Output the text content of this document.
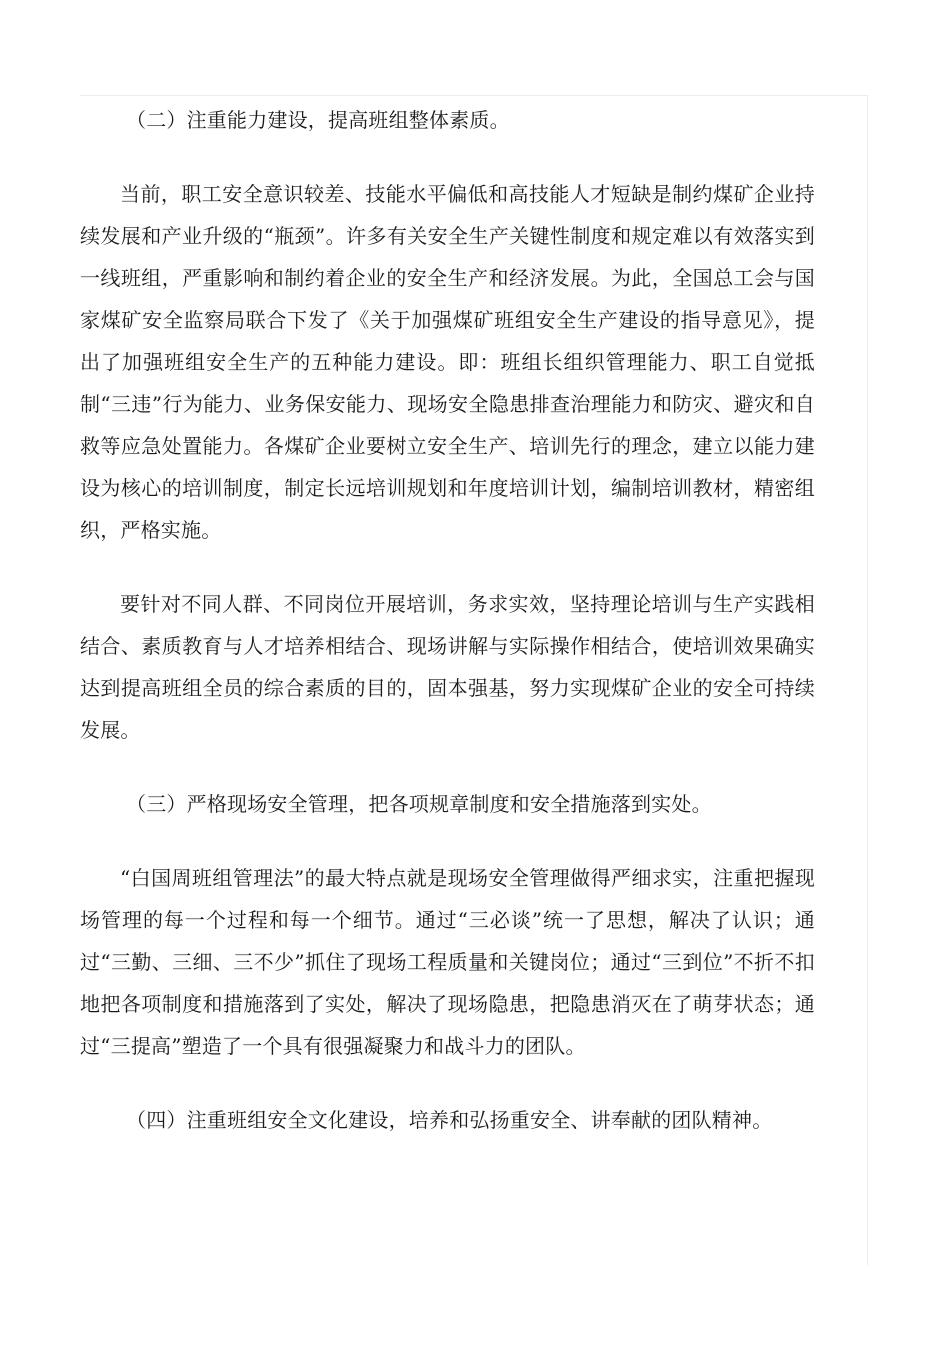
（二）注重能力建设，提高班组整体素质。

当前，职工安全意识较差、技能水平偏低和高技能人才短缺是制约煤矿企业持续发展和产业升级的“瓶颈”。许多有关安全生产关键性制度和规定难以有效落实到一线班组，严重影响和制约着企业的安全生产和经济发展。为此，全国总工会与国家煤矿安全监察局联合下发了《关于加强煤矿班组安全生产建设的指导意见》，提出了加强班组安全生产的五种能力建设。即：班组长组织管理能力、职工自觉抵制“三违”行为能力、业务保安能力、现场安全隐患排查治理能力和防灾、避灾和自救等应急处置能力。各煤矿企业要树立安全生产、培训先行的理念，建立以能力建设为核心的培训制度，制定长远培训规划和年度培训计划，编制培训教材，精密组织，严格实施。

要针对不同人群、不同岗位开展培训，务求实效，坚持理论培训与生产实践相结合、素质教育与人才培养相结合、现场讲解与实际操作相结合，使培训效果确实达到提高班组全员的综合素质的目的，固本强基，努力实现煤矿企业的安全可持续发展。

（三）严格现场安全管理，把各项规章制度和安全措施落到实处。

“白国周班组管理法”的最大特点就是现场安全管理做得严细求实，注重把握现场管理的每一个过程和每一个细节。通过“三必谈”统一了思想，解决了认识；通过“三勤、三细、三不少”抓住了现场工程质量和关键岗位；通过“三到位”不折不扣地把各项制度和措施落到了实处，解决了现场隐患，把隐患消灭在了萌芽状态；通过“三提高”塑造了一个具有很强凝聚力和战斗力的团队。

（四）注重班组安全文化建设，培养和弘扬重安全、讲奉献的团队精神。
